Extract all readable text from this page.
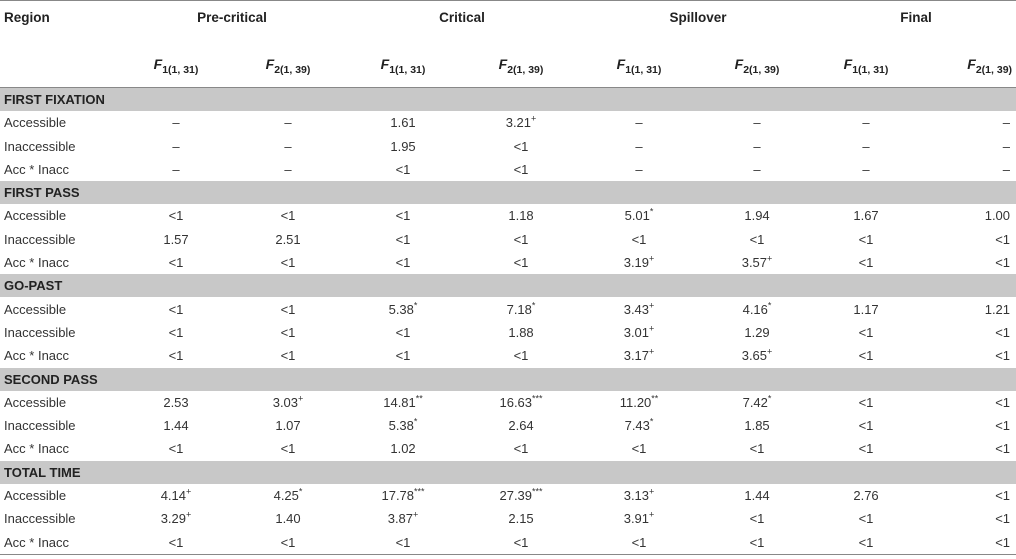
Region	Pre-critical		Critical		Spillover		Final	
	$F_{1(1, 31)}$	$F_{2(1, 39)}$	$F_{1(1, 31)}$	$F_{2(1, 39)}$	$F_{1(1, 31)}$	$F_{2(1, 39)}$	$F_{1(1, 31)}$	$F_{2(1, 39)}$
FIRST FIXATION								
Accessible	–	–	1.61	3.21+	–	–	–	–
Inaccessible	–	–	1.95	<1	–	–	–	–
Acc * Inacc	–	–	<1	<1	–	–	–	–
FIRST PASS								
Accessible	<1	<1	<1	1.18	5.01*	1.94	1.67	1.00
Inaccessible	1.57	2.51	<1	<1	<1	<1	<1	<1
Acc * Inacc	<1	<1	<1	<1	3.19+	3.57+	<1	<1
GO-PAST								
Accessible	<1	<1	5.38*	7.18*	3.43+	4.16*	1.17	1.21
Inaccessible	<1	<1	<1	1.88	3.01+	1.29	<1	<1
Acc * Inacc	<1	<1	<1	<1	3.17+	3.65+	<1	<1
SECOND PASS								
Accessible	2.53	3.03+	14.81**	16.63***	11.20**	7.42*	<1	<1
Inaccessible	1.44	1.07	5.38*	2.64	7.43*	1.85	<1	<1
Acc * Inacc	<1	<1	1.02	<1	<1	<1	<1	<1
TOTAL TIME								
Accessible	4.14+	4.25*	17.78***	27.39***	3.13+	1.44	2.76	<1
Inaccessible	3.29+	1.40	3.87+	2.15	3.91+	<1	<1	<1
Acc * Inacc	<1	<1	<1	<1	<1	<1	<1	<1
